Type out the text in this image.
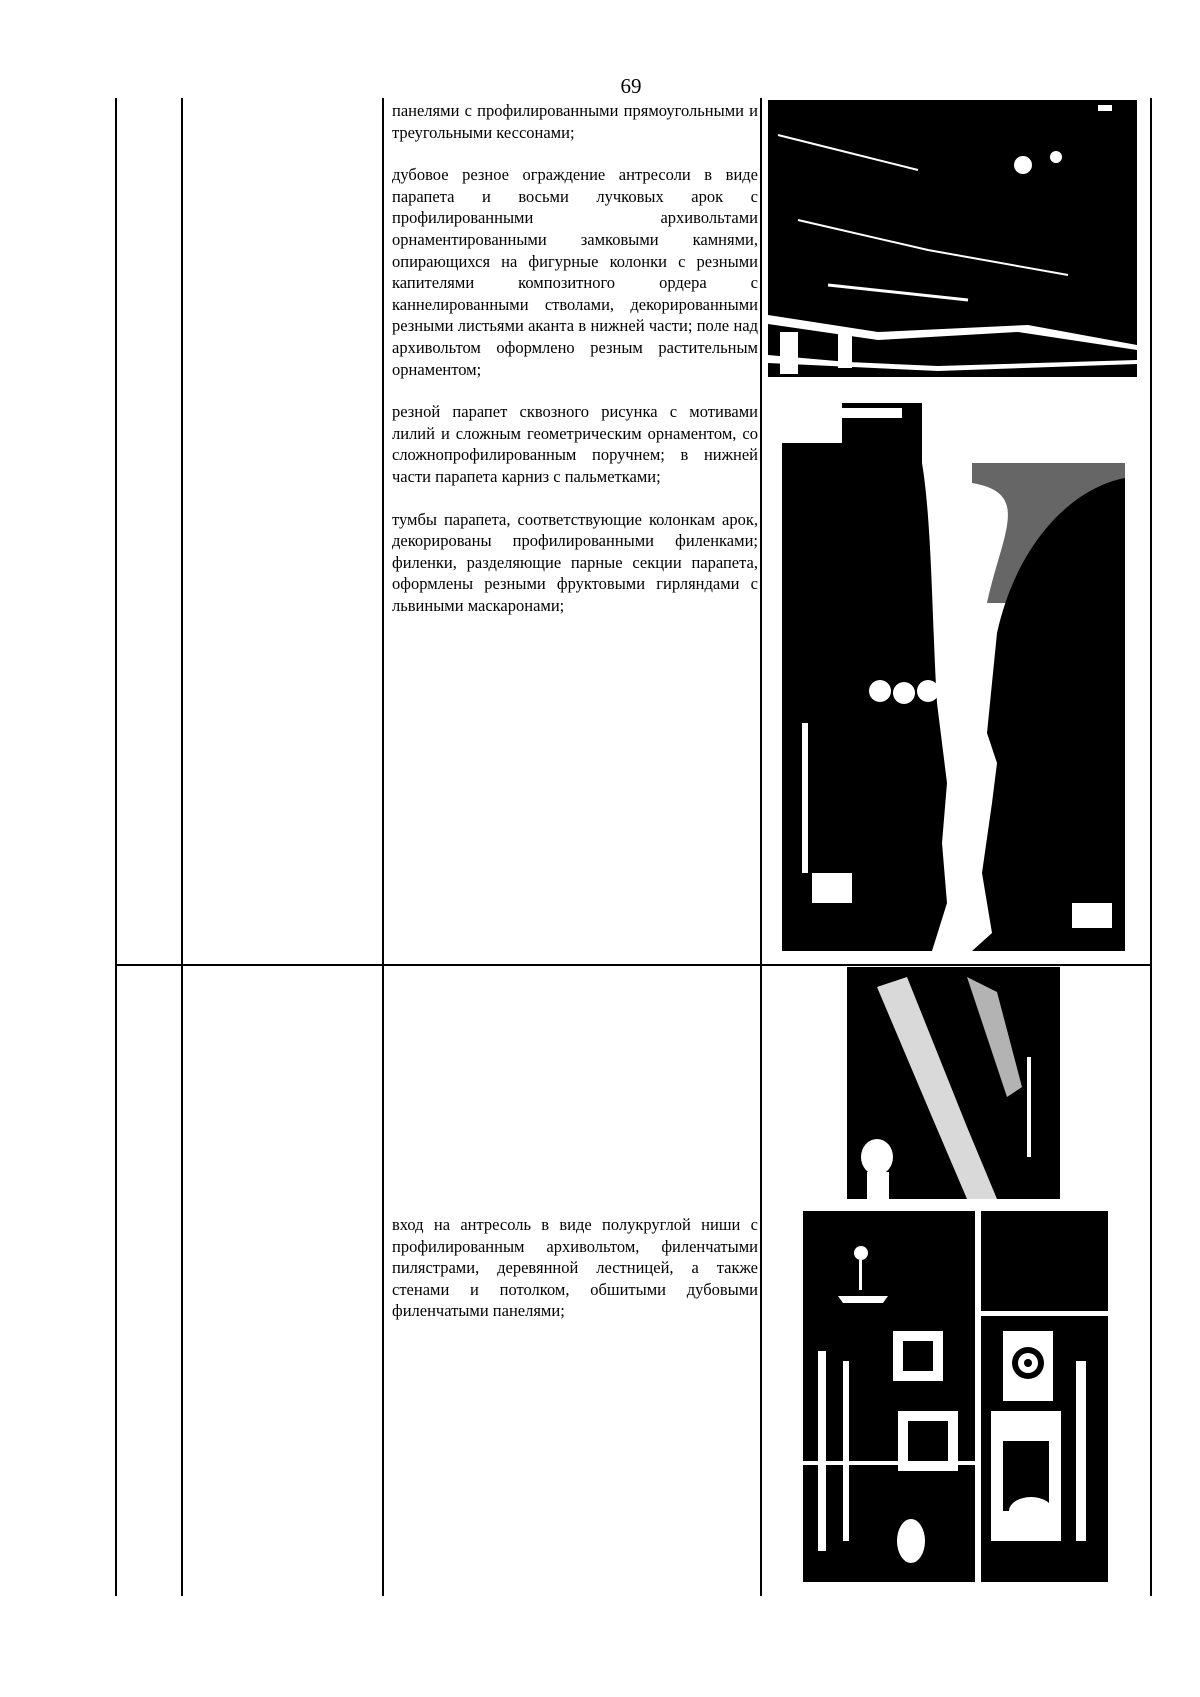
69

панелями с профилированными прямоугольными и треугольными кессонами;

дубовое резное ограждение антресоли в виде парапета и восьми лучковых арок с профилированными архивольтами орнаментированными замковыми камнями, опирающихся на фигурные колонки с резными капителями композитного ордера с каннелированными стволами, декорированными резными листьями аканта в нижней части; поле над архивольтом оформлено резным растительным орнаментом;

резной парапет сквозного рисунка с мотивами лилий и сложным геометрическим орнаментом, со сложнопрофилированным поручнем; в нижней части парапета карниз с пальметками;

тумбы парапета, соответствующие колонкам арок, декорированы профилированными филенками; филенки, разделяющие парные секции парапета, оформлены резными фруктовыми гирляндами с львиными маскаронами;

вход на антресоль в виде полукруглой ниши с профилированным архивольтом, филенчатыми пилястрами, деревянной лестницей, а также стенами и потолком, обшитыми дубовыми филенчатыми панелями;
